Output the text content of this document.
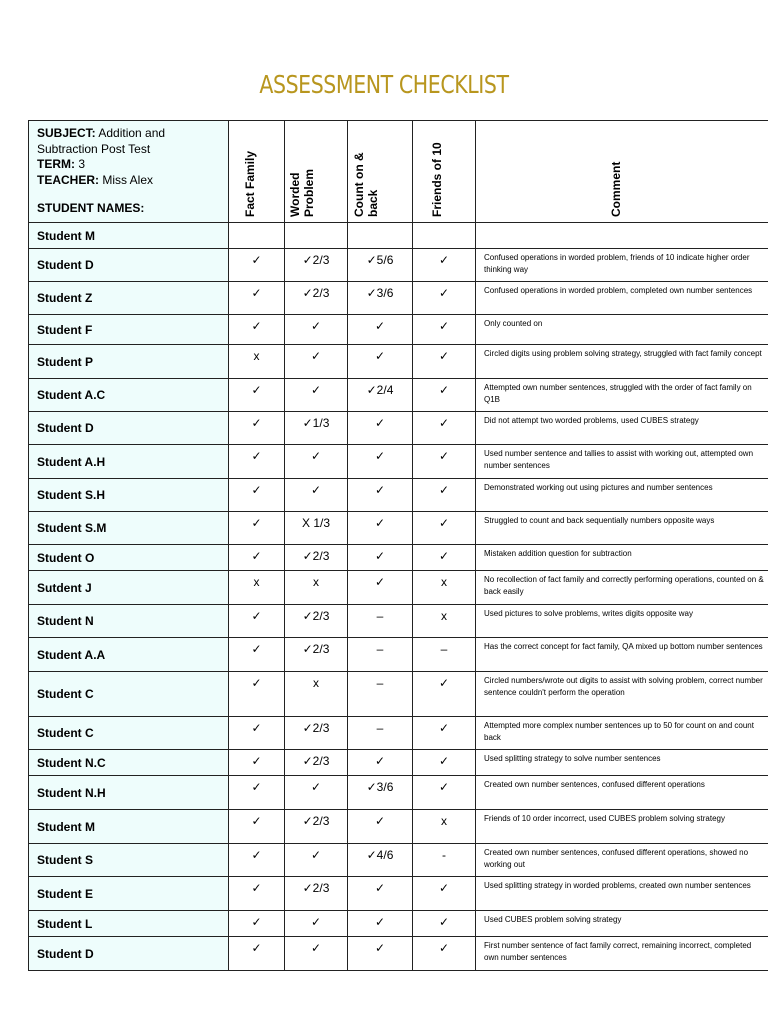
ASSESSMENT CHECKLIST
SUBJECT: Addition and Subtraction Post Test
TERM: 3
TEACHER: Miss Alex
STUDENT NAMES:	Fact Family	Worded Problem	Count on & back	Friends of 10	Comment

Student M					
Student D	✓	✓2/3	✓5/6	✓	Confused operations in worded problem, friends of 10 indicate higher order thinking way
Student Z	✓	✓2/3	✓3/6	✓	Confused operations in worded problem, completed own number sentences
Student F	✓	✓	✓	✓	Only counted on
Student P	x	✓	✓	✓	Circled digits using problem solving strategy, struggled with fact family concept
Student A.C	✓	✓	✓2/4	✓	Attempted own number sentences, struggled with the order of fact family on Q1B
Student D	✓	✓1/3	✓	✓	Did not attempt two worded problems, used CUBES strategy
Student A.H	✓	✓	✓	✓	Used number sentence and tallies to assist with working out, attempted own number sentences
Student S.H	✓	✓	✓	✓	Demonstrated working out using pictures and number sentences
Student S.M	✓	X 1/3	✓	✓	Struggled to count and back sequentially numbers opposite ways
Student O	✓	✓2/3	✓	✓	Mistaken addition question for subtraction
Sutdent J	x	x	✓	x	No recollection of fact family and correctly performing operations, counted on & back easily
Student N	✓	✓2/3	–	x	Used pictures to solve problems, writes digits opposite way
Student A.A	✓	✓2/3	–	–	Has the correct concept for fact family, QA mixed up bottom number sentences
Student C	✓	x	–	✓	Circled numbers/wrote out digits to assist with solving problem, correct number sentence couldn't perform the operation
Student C	✓	✓2/3	–	✓	Attempted more complex number sentences up to 50 for count on and count back
Student N.C	✓	✓2/3	✓	✓	Used splitting strategy to solve number sentences
Student N.H	✓	✓	✓3/6	✓	Created own number sentences, confused different operations
Student M	✓	✓2/3	✓	x	Friends of 10 order incorrect, used CUBES problem solving strategy
Student S	✓	✓	✓4/6	-	Created own number sentences, confused different operations, showed no working out
Student E	✓	✓2/3	✓	✓	Used splitting strategy in worded problems, created own number sentences
Student L	✓	✓	✓	✓	Used CUBES problem solving strategy
Student D	✓	✓	✓	✓	First number sentence of fact family correct, remaining incorrect, completed own number sentences
